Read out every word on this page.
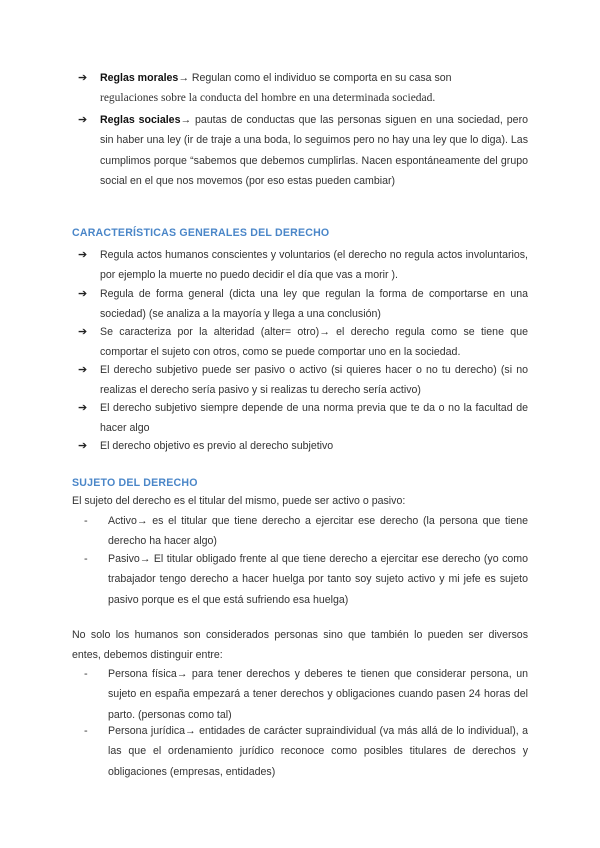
➔	Reglas morales→ Regulan como el individuo se comporta en su casa son
regulaciones sobre la conducta del hombre en una determinada sociedad.
➔	Reglas sociales→ pautas de conductas que las personas siguen en una sociedad, pero sin haber una ley (ir de traje a una boda, lo seguimos pero no hay una ley que lo diga). Las cumplimos porque “sabemos que debemos cumplirlas. Nacen espontáneamente del grupo social en el que nos movemos (por eso estas pueden cambiar)
CARACTERÍSTICAS GENERALES DEL DERECHO
➔	Regula actos humanos conscientes y voluntarios (el derecho no regula actos involuntarios, por ejemplo la muerte no puedo decidir el día que vas a morir ).
➔	Regula de forma general (dicta una ley que regulan la forma de comportarse en una sociedad) (se analiza a la mayoría y llega a una conclusión)
➔	Se caracteriza por la alteridad (alter= otro)→ el derecho regula como se tiene que comportar el sujeto con otros, como se puede comportar uno en la sociedad.
➔	El derecho subjetivo puede ser pasivo o activo (si quieres hacer o no tu derecho) (si no realizas el derecho sería pasivo y si realizas tu derecho sería activo)
➔	El derecho subjetivo siempre depende de una norma previa que te da o no la facultad de hacer algo
➔	El derecho objetivo es previo al derecho subjetivo
SUJETO DEL DERECHO
El sujeto del derecho es el titular del mismo, puede ser activo o pasivo:
-	Activo→ es el titular que tiene derecho a ejercitar ese derecho (la persona que tiene derecho ha hacer algo)
-	Pasivo→ El titular obligado frente al que tiene derecho a ejercitar ese derecho (yo como trabajador tengo derecho a hacer huelga por tanto soy sujeto activo y mi jefe es sujeto pasivo porque es el que está sufriendo esa huelga)
No solo los humanos son considerados personas sino que también lo pueden ser diversos entes, debemos distinguir entre:
-	Persona física→ para tener derechos y deberes te tienen que considerar persona, un sujeto en españa empezará a tener derechos y obligaciones cuando pasen 24 horas del parto. (personas como tal)
-	Persona jurídica→ entidades de carácter supraindividual (va más allá de lo individual), a las que el ordenamiento jurídico reconoce como posibles titulares de derechos y obligaciones (empresas, entidades)
